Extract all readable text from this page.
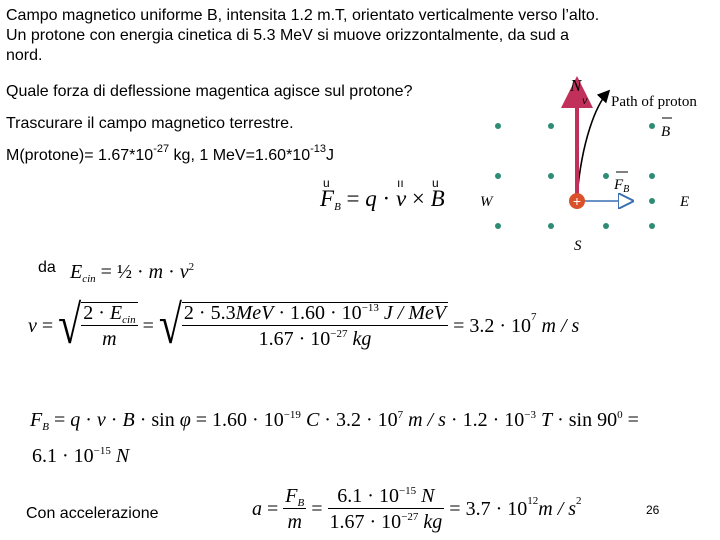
Campo magnetico uniforme B, intensita 1.2 m.T, orientato verticalmente verso l’alto.
Un protone con energia cinetica di 5.3 MeV si muove orizzontalmente, da sud a
nord.
Quale forza di deflessione magentica agisce sul protone?
Trascurare il campo magnetico terrestre.
M(protone)= $1.67*10^{-27}$ kg, 1 $MeV=1.60*10^{-13}J$
$F_B = q \cdot v \times B$
u	ıı u
da $E_{cin}$ = ½ · $m \cdot v^2$
v = √ $\frac{2 \cdot E_{cin}}{m}$ = √ $\frac{2 \cdot 5.3MeV \cdot 1.60 \cdot 10^{-13} J / MeV}{1.67 \cdot 10^{-27} kg} = 3.2 \cdot 10^7$
m / s
$F_B = q \cdot v \cdot B \cdot \sin \varphi = 1.60 \cdot 10^{-19}$ $C \cdot 3.2 \cdot 10^7$ $m / s \cdot 1.2 \cdot 10^{-3}$ $T \cdot \sin 90^0$ =
$6.1 \cdot 10^{-15}$ N
Con accelerazione	$a = \frac{F_B}{m} = \frac{6.1 \cdot 10^{-15} N}{1.67 \cdot 10^{-27} kg} = 3.7 \cdot 10^{12}$ m / $s^2$
26
+
N
S
W	E
Path of proton
v
B
$F_B$
